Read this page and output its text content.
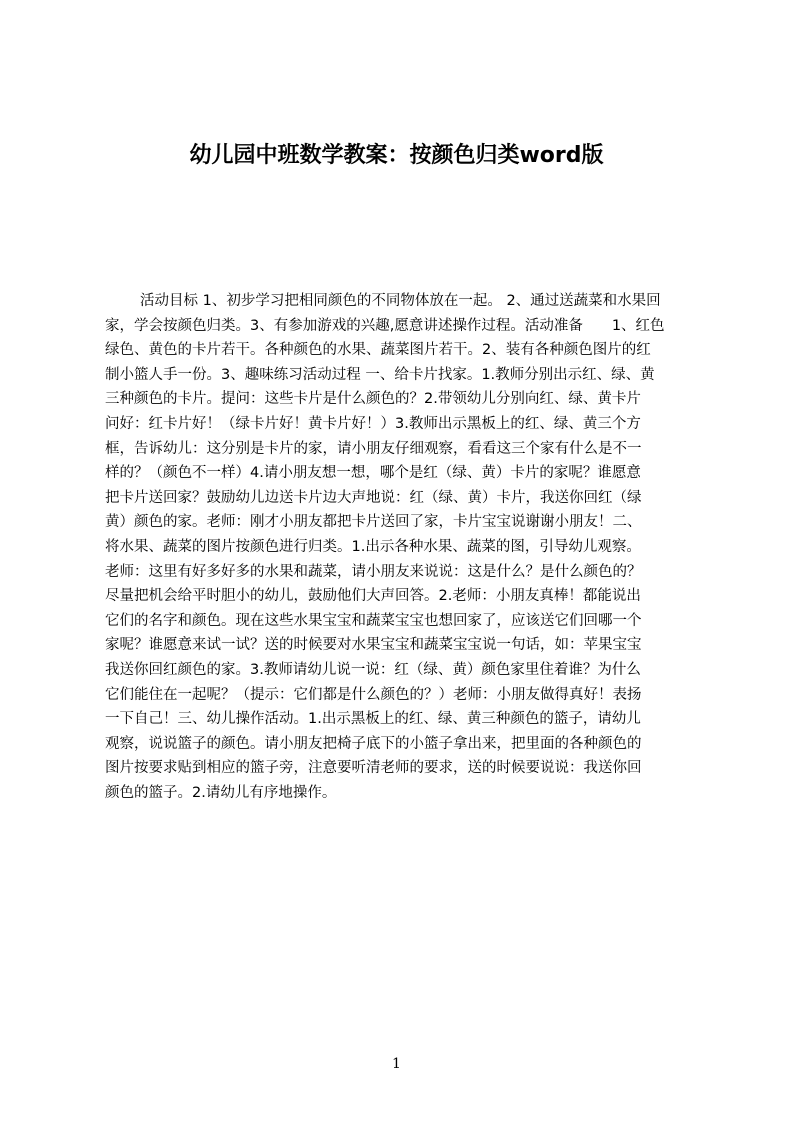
幼儿园中班数学教案：按颜色归类word版
活动目标 1、初步学习把相同颜色的不同物体放在一起。 2、通过送蔬菜和水果回
家，学会按颜色归类。3、有参加游戏的兴趣,愿意讲述操作过程。活动准备　　1、红色
绿色、黄色的卡片若干。各种颜色的水果、蔬菜图片若干。2、装有各种颜色图片的红
制小篮人手一份。3、趣味练习活动过程 一、给卡片找家。1.教师分别出示红、绿、黄
三种颜色的卡片。提问：这些卡片是什么颜色的？2.带领幼儿分别向红、绿、黄卡片
问好：红卡片好！（绿卡片好！黄卡片好！）3.教师出示黑板上的红、绿、黄三个方
框，告诉幼儿：这分别是卡片的家，请小朋友仔细观察，看看这三个家有什么是不一
样的？（颜色不一样）4.请小朋友想一想，哪个是红（绿、黄）卡片的家呢？谁愿意
把卡片送回家？鼓励幼儿边送卡片边大声地说：红（绿、黄）卡片，我送你回红（绿
黄）颜色的家。老师：刚才小朋友都把卡片送回了家，卡片宝宝说谢谢小朋友！二、
将水果、蔬菜的图片按颜色进行归类。1.出示各种水果、蔬菜的图，引导幼儿观察。
老师：这里有好多好多的水果和蔬菜，请小朋友来说说：这是什么？是什么颜色的？
尽量把机会给平时胆小的幼儿，鼓励他们大声回答。2.老师：小朋友真棒！都能说出
它们的名字和颜色。现在这些水果宝宝和蔬菜宝宝也想回家了，应该送它们回哪一个
家呢？谁愿意来试一试？送的时候要对水果宝宝和蔬菜宝宝说一句话，如：苹果宝宝
我送你回红颜色的家。3.教师请幼儿说一说：红（绿、黄）颜色家里住着谁？为什么
它们能住在一起呢？（提示：它们都是什么颜色的？）老师：小朋友做得真好！表扬
一下自己！三、幼儿操作活动。1.出示黑板上的红、绿、黄三种颜色的篮子，请幼儿
观察，说说篮子的颜色。请小朋友把椅子底下的小篮子拿出来，把里面的各种颜色的
图片按要求贴到相应的篮子旁，注意要听清老师的要求，送的时候要说说：我送你回
颜色的篮子。2.请幼儿有序地操作。
1
